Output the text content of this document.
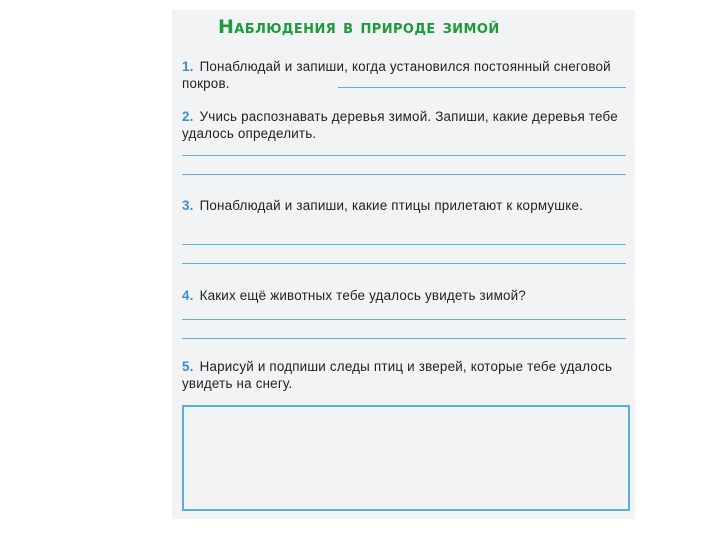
Наблюдения в природе зимой
1. Понаблюдай и запиши, когда установился постоянный снеговой покров.
2. Учись распознавать деревья зимой. Запиши, какие деревья тебе удалось определить.
3. Понаблюдай и запиши, какие птицы прилетают к кормушке.
4. Каких ещё животных тебе удалось увидеть зимой?
5. Нарисуй и подпиши следы птиц и зверей, которые тебе удалось увидеть на снегу.
